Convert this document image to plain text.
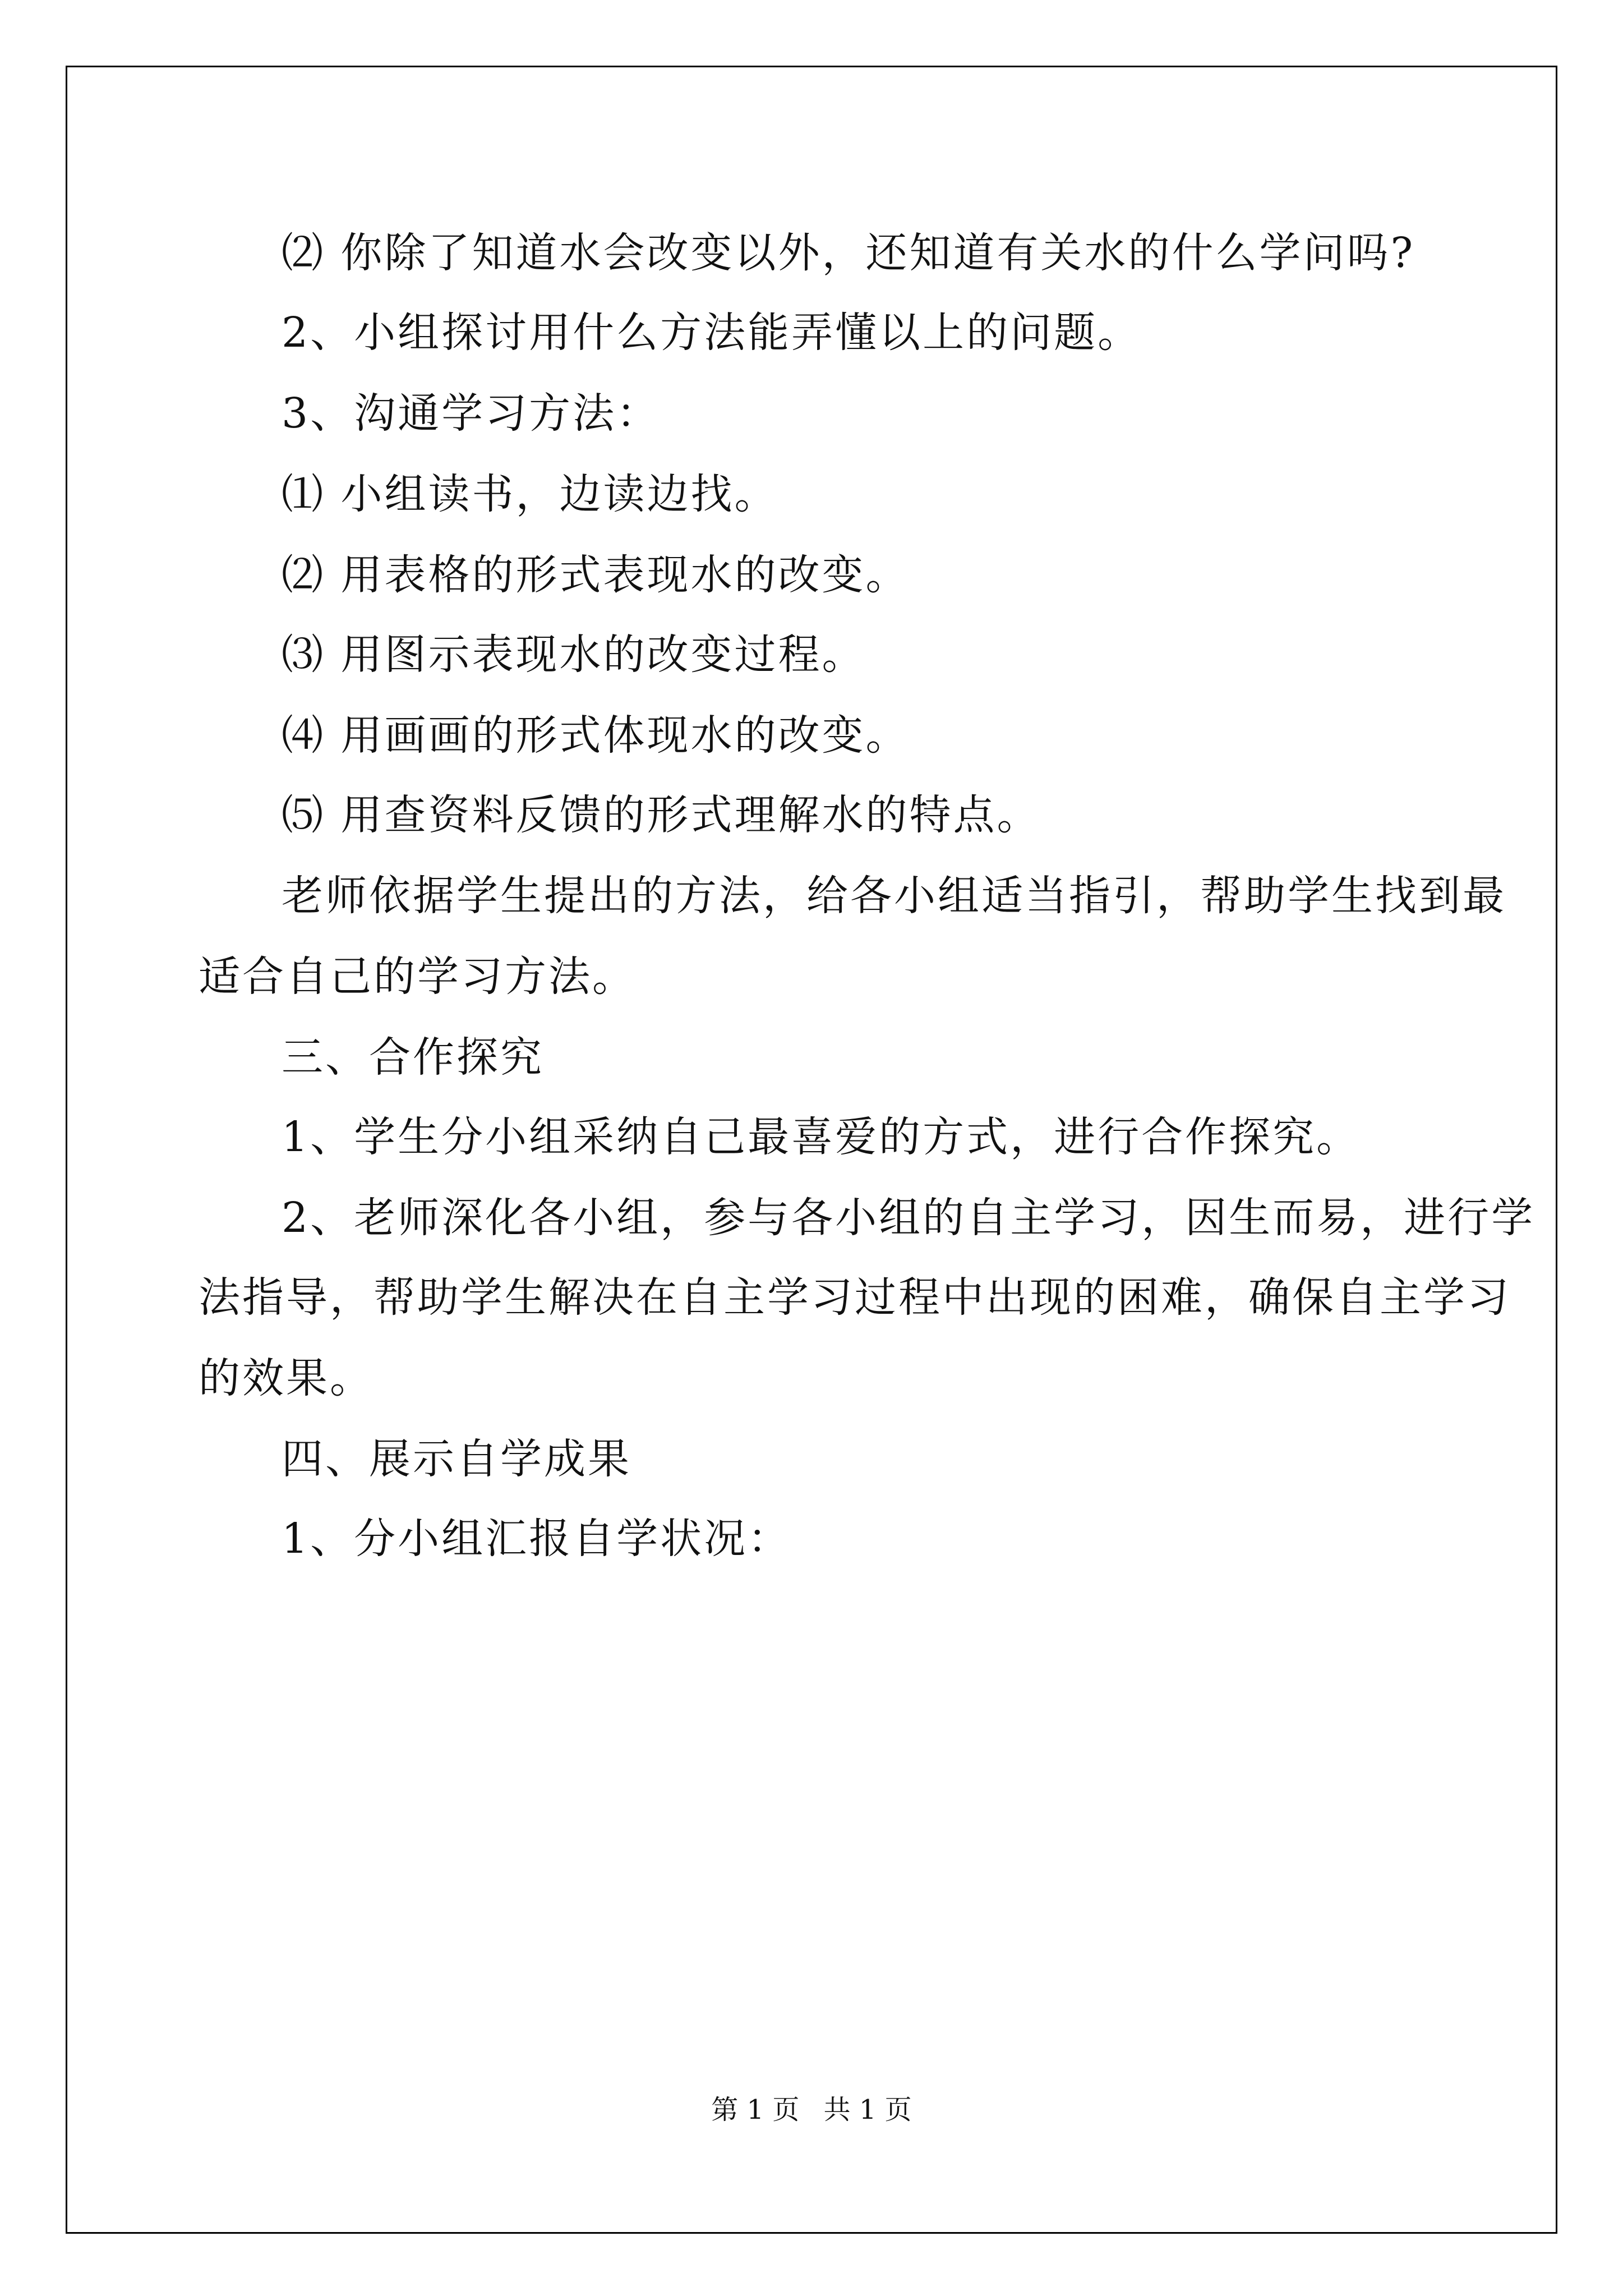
⑵ 你除了知道水会改变以外，还知道有关水的什么学问吗?

2、小组探讨用什么方法能弄懂以上的问题。

3、沟通学习方法：

⑴ 小组读书，边读边找。

⑵ 用表格的形式表现水的改变。

⑶ 用图示表现水的改变过程。

⑷ 用画画的形式体现水的改变。

⑸ 用查资料反馈的形式理解水的特点。

老师依据学生提出的方法，给各小组适当指引，帮助学生找到最

适合自己的学习方法。

三、合作探究

1、学生分小组采纳自己最喜爱的方式，进行合作探究。

2、老师深化各小组，参与各小组的自主学习，因生而易，进行学

法指导，帮助学生解决在自主学习过程中出现的困难，确保自主学习

的效果。

四、展示自学成果

1、分小组汇报自学状况：

第 1 页 共 1 页
